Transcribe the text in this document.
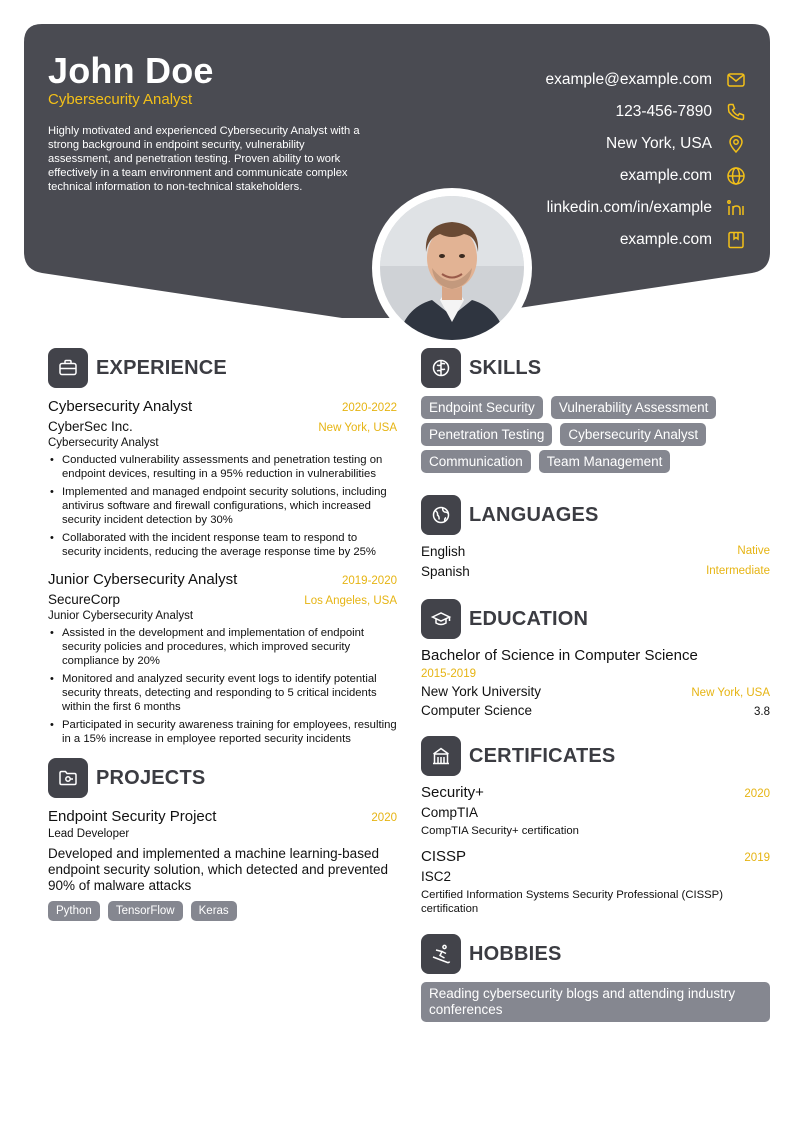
John Doe
Cybersecurity Analyst
Highly motivated and experienced Cybersecurity Analyst with a strong background in endpoint security, vulnerability assessment, and penetration testing. Proven ability to work effectively in a team environment and communicate complex technical information to non-technical stakeholders.
example@example.com
123-456-7890
New York, USA
example.com
linkedin.com/in/example
example.com
EXPERIENCE
Cybersecurity Analyst	2020-2022
CyberSec Inc.	New York, USA
Cybersecurity Analyst
• Conducted vulnerability assessments and penetration testing on endpoint devices, resulting in a 95% reduction in vulnerabilities
• Implemented and managed endpoint security solutions, including antivirus software and firewall configurations, which increased security incident detection by 30%
• Collaborated with the incident response team to respond to security incidents, reducing the average response time by 25%
Junior Cybersecurity Analyst	2019-2020
SecureCorp	Los Angeles, USA
Junior Cybersecurity Analyst
• Assisted in the development and implementation of endpoint security policies and procedures, which improved security compliance by 20%
• Monitored and analyzed security event logs to identify potential security threats, detecting and responding to 5 critical incidents within the first 6 months
• Participated in security awareness training for employees, resulting in a 15% increase in employee reported security incidents
PROJECTS
Endpoint Security Project	2020
Lead Developer
Developed and implemented a machine learning-based endpoint security solution, which detected and prevented 90% of malware attacks
Python	TensorFlow	Keras
SKILLS
Endpoint Security	Vulnerability Assessment
Penetration Testing	Cybersecurity Analyst
Communication	Team Management
LANGUAGES
English	Native
Spanish	Intermediate
EDUCATION
Bachelor of Science in Computer Science
2015-2019
New York University	New York, USA
Computer Science	3.8
CERTIFICATES
Security+	2020
CompTIA
CompTIA Security+ certification
CISSP	2019
ISC2
Certified Information Systems Security Professional (CISSP) certification
HOBBIES
Reading cybersecurity blogs and attending industry conferences
